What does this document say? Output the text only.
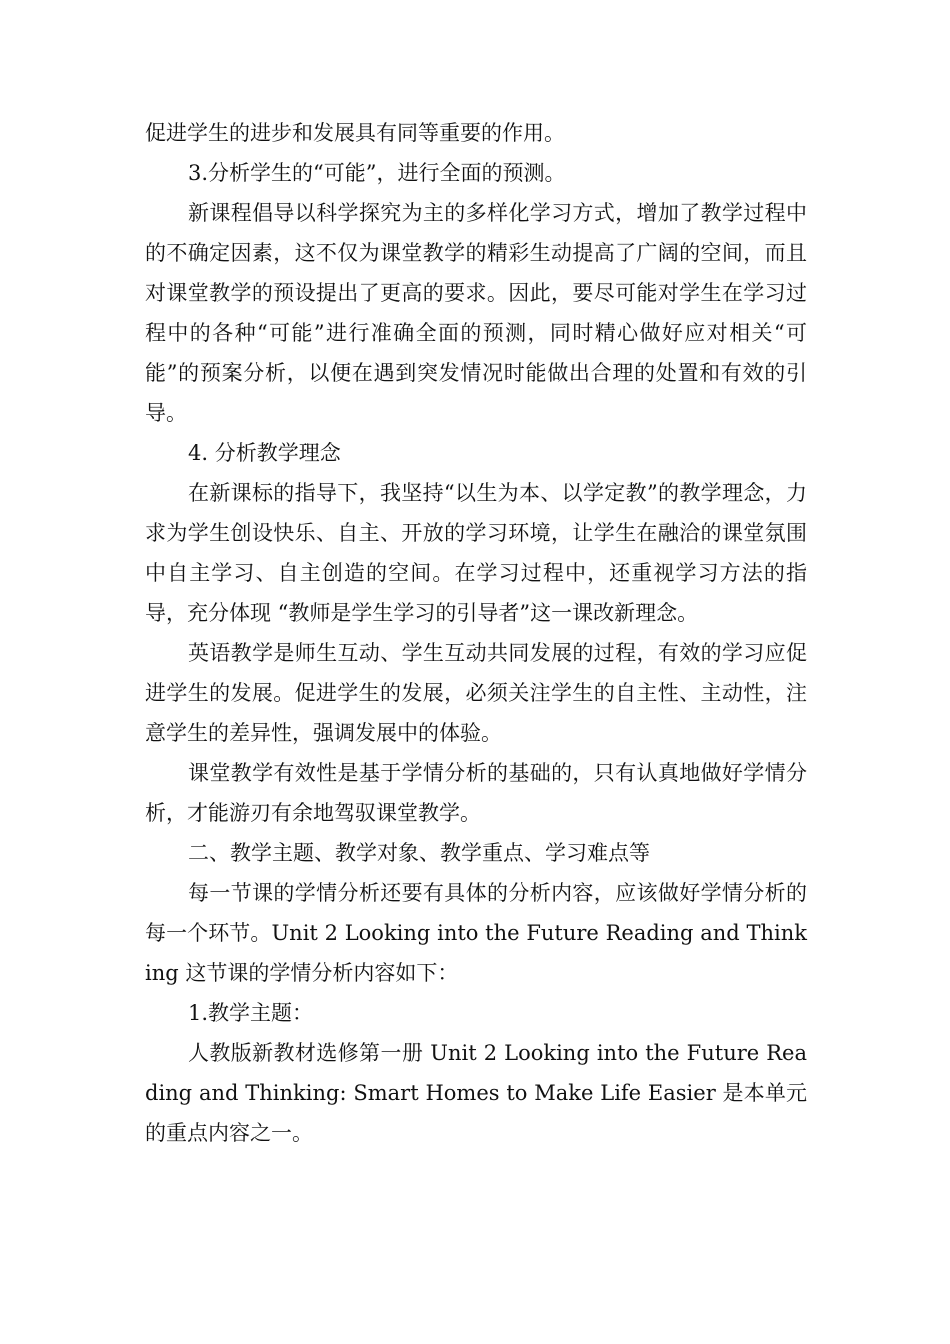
促进学生的进步和发展具有同等重要的作用。

3.分析学生的“可能”，进行全面的预测。

新课程倡导以科学探究为主的多样化学习方式，增加了教学过程中的不确定因素，这不仅为课堂教学的精彩生动提高了广阔的空间，而且对课堂教学的预设提出了更高的要求。因此，要尽可能对学生在学习过程中的各种“可能”进行准确全面的预测，同时精心做好应对相关“可能”的预案分析，以便在遇到突发情况时能做出合理的处置和有效的引导。

4. 分析教学理念

在新课标的指导下，我坚持“以生为本、以学定教”的教学理念，力求为学生创设快乐、自主、开放的学习环境，让学生在融洽的课堂氛围中自主学习、自主创造的空间。在学习过程中，还重视学习方法的指导，充分体现 “教师是学生学习的引导者”这一课改新理念。

英语教学是师生互动、学生互动共同发展的过程，有效的学习应促进学生的发展。促进学生的发展，必须关注学生的自主性、主动性，注意学生的差异性，强调发展中的体验。

课堂教学有效性是基于学情分析的基础的，只有认真地做好学情分析，才能游刃有余地驾驭课堂教学。

二、教学主题、教学对象、教学重点、学习难点等

每一节课的学情分析还要有具体的分析内容，应该做好学情分析的每一个环节。Unit 2 Looking into the Future Reading and Thinking 这节课的学情分析内容如下：

1.教学主题：

人教版新教材选修第一册 Unit 2 Looking into the Future Reading and Thinking: Smart Homes to Make Life Easier 是本单元的重点内容之一。
